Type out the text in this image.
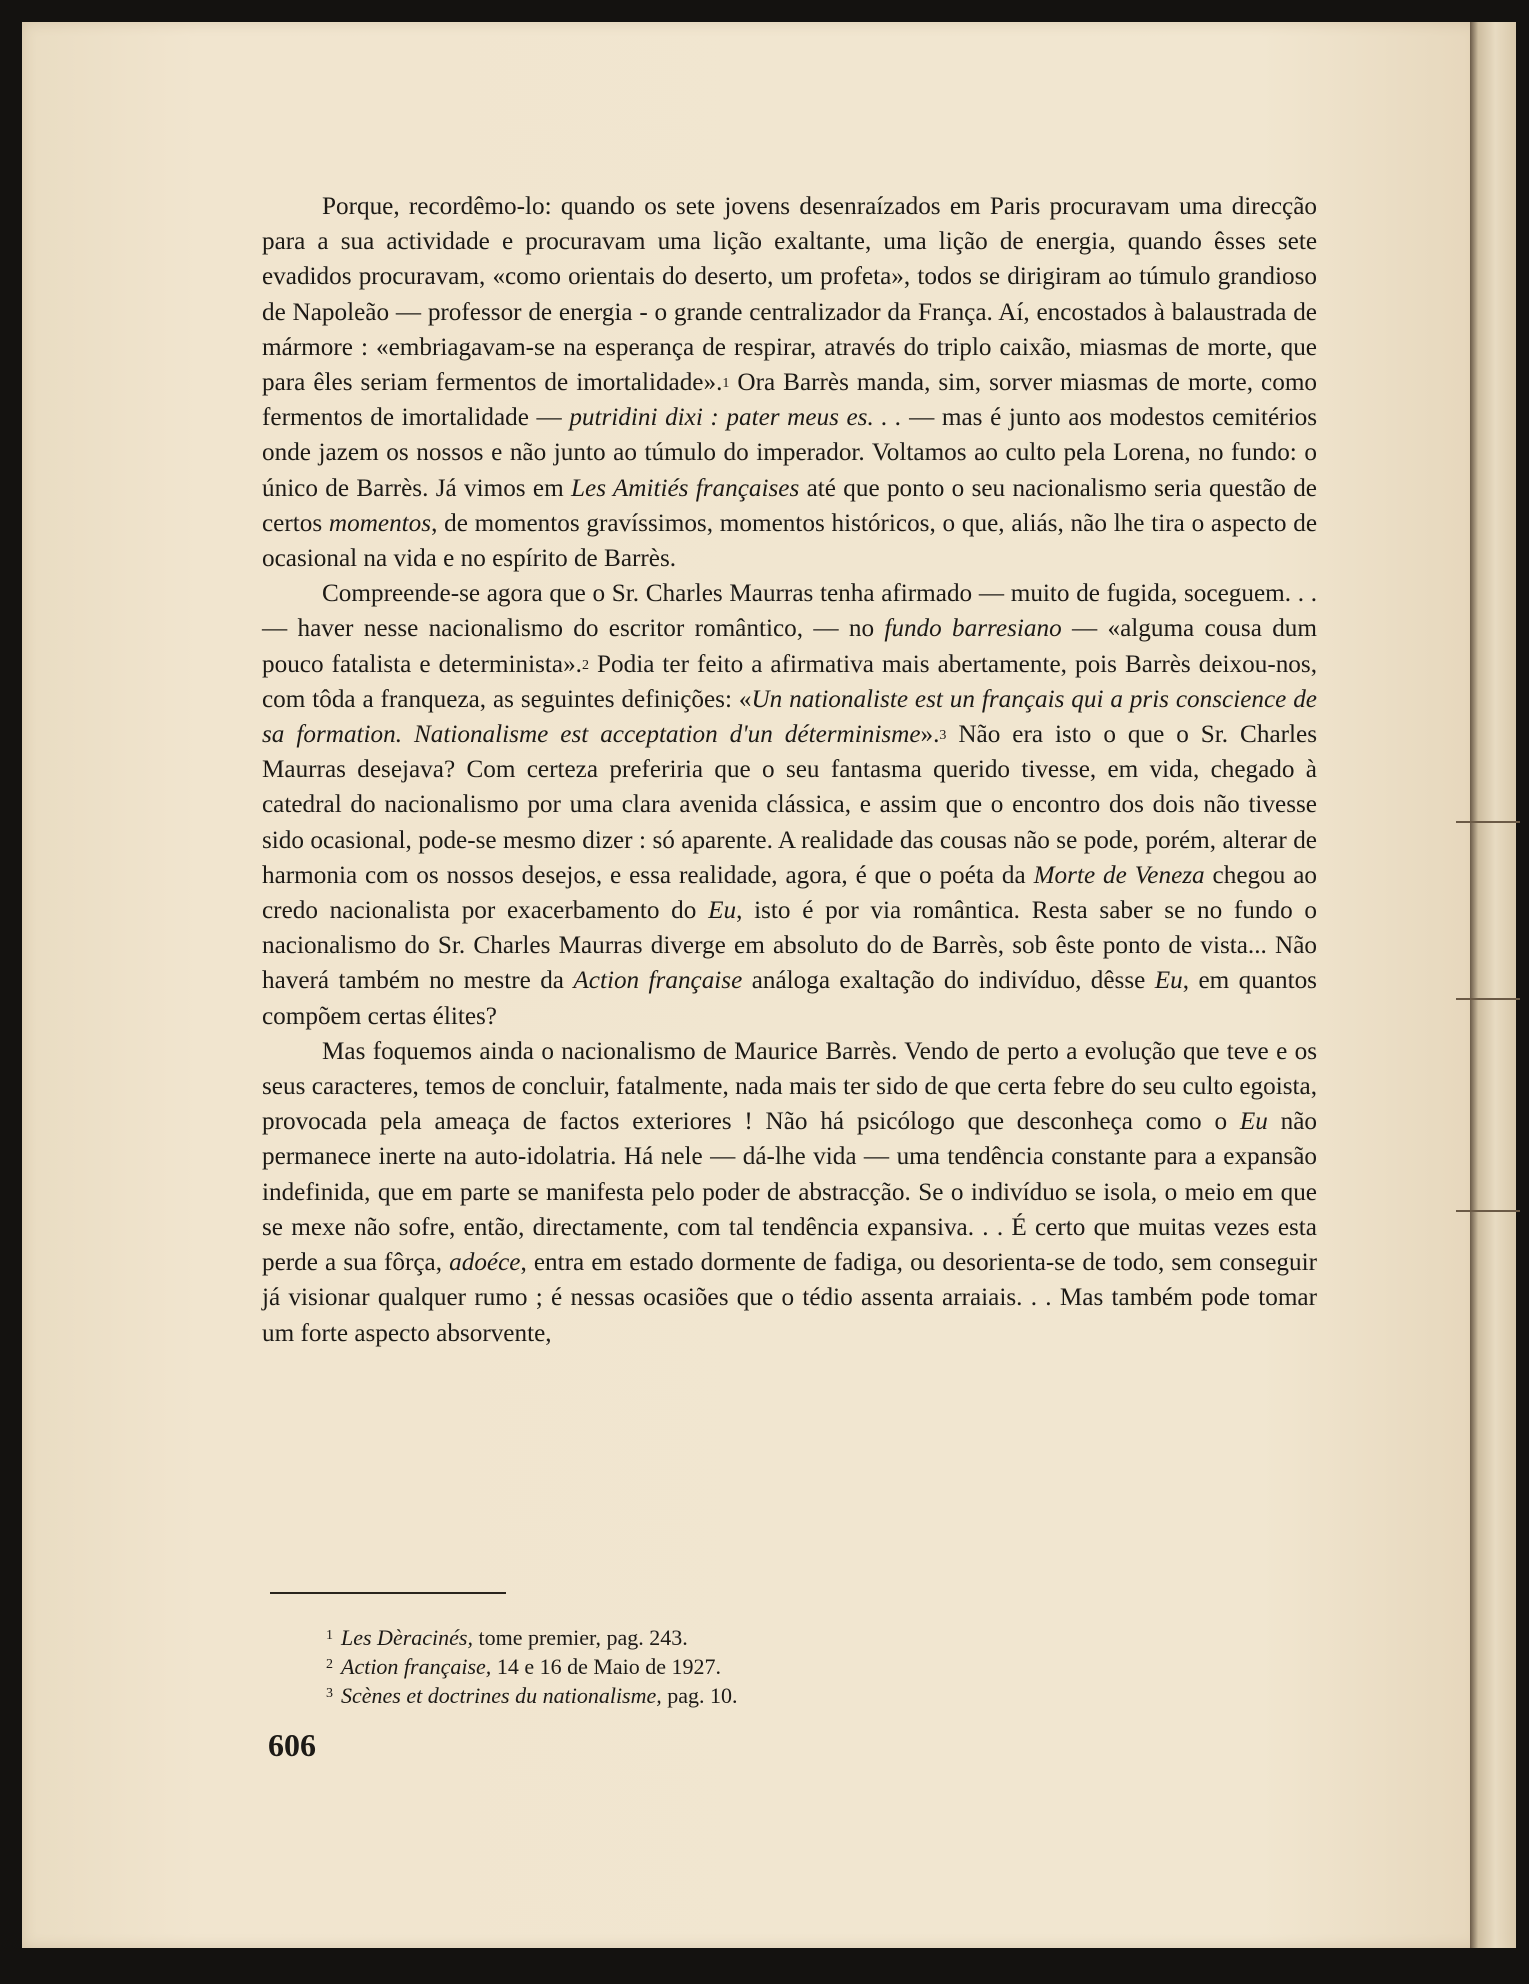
Porque, recordêmo-lo: quando os sete jovens desenraízados em Paris procuravam uma direcção para a sua actividade e procuravam uma lição exaltante, uma lição de energia, quando êsses sete evadidos procuravam, «como orientais do deserto, um profeta», todos se dirigiram ao túmulo grandioso de Napoleão — professor de energia - o grande centralizador da França. Aí, encostados à balaustrada de mármore : «embriagavam-se na esperança de respirar, através do triplo caixão, miasmas de morte, que para êles seriam fermentos de imortalidade».$^1$ Ora Barrès manda, sim, sorver miasmas de morte, como fermentos de imortalidade — putridini dixi : pater meus es. . . — mas é junto aos modestos cemitérios onde jazem os nossos e não junto ao túmulo do imperador. Voltamos ao culto pela Lorena, no fundo: o único de Barrès. Já vimos em Les Amitiés françaises até que ponto o seu nacionalismo seria questão de certos momentos, de momentos gravíssimos, momentos históricos, o que, aliás, não lhe tira o aspecto de ocasional na vida e no espírito de Barrès.

Compreende-se agora que o Sr. Charles Maurras tenha afirmado — muito de fugida, soceguem. . . — haver nesse nacionalismo do escritor romântico, — no fundo barresiano — «alguma cousa dum pouco fatalista e determinista».$^2$ Podia ter feito a afirmativa mais abertamente, pois Barrès deixou-nos, com tôda a franqueza, as seguintes definições: «Un nationaliste est un français qui a pris conscience de sa formation. Nationalisme est acceptation d'un déterminisme».$^3$ Não era isto o que o Sr. Charles Maurras desejava? Com certeza preferiria que o seu fantasma querido tivesse, em vida, chegado à catedral do nacionalismo por uma clara avenida clássica, e assim que o encontro dos dois não tivesse sido ocasional, pode-se mesmo dizer : só aparente. A realidade das cousas não se pode, porém, alterar de harmonia com os nossos desejos, e essa realidade, agora, é que o poéta da Morte de Veneza chegou ao credo nacionalista por exacerbamento do Eu, isto é por via romântica. Resta saber se no fundo o nacionalismo do Sr. Charles Maurras diverge em absoluto do de Barrès, sob êste ponto de vista... Não haverá também no mestre da Action française análoga exaltação do indivíduo, dêsse Eu, em quantos compõem certas élites?

Mas foquemos ainda o nacionalismo de Maurice Barrès. Vendo de perto a evolução que teve e os seus caracteres, temos de concluir, fatalmente, nada mais ter sido de que certa febre do seu culto egoista, provocada pela ameaça de factos exteriores ! Não há psicólogo que desconheça como o Eu não permanece inerte na auto-idolatria. Há nele — dá-lhe vida — uma tendência constante para a expansão indefinida, que em parte se manifesta pelo poder de abstracção. Se o indivíduo se isola, o meio em que se mexe não sofre, então, directamente, com tal tendência expansiva. . . É certo que muitas vezes esta perde a sua fôrça, adoéce, entra em estado dormente de fadiga, ou desorienta-se de todo, sem conseguir já visionar qualquer rumo ; é nessas ocasiões que o tédio assenta arraiais. . . Mas também pode tomar um forte aspecto absorvente,

$^1$ Les Dèracinés, tome premier, pag. 243.
$^2$ Action française, 14 e 16 de Maio de 1927.
$^3$ Scènes et doctrines du nationalisme, pag. 10.
606
